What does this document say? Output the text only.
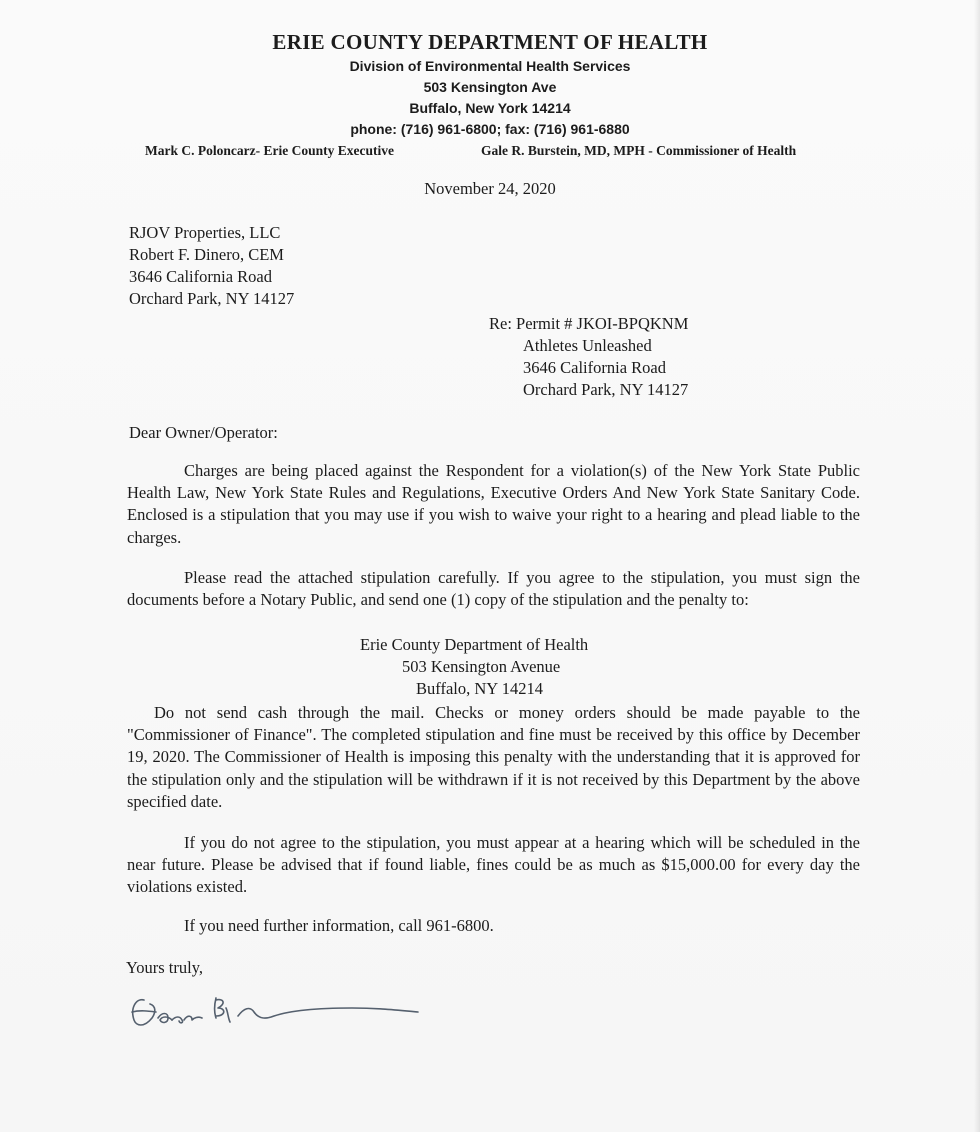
ERIE COUNTY DEPARTMENT OF HEALTH
Division of Environmental Health Services
503 Kensington Ave
Buffalo, New York 14214
phone: (716) 961-6800; fax: (716) 961-6880
Mark C. Poloncarz- Erie County Executive	Gale R. Burstein, MD, MPH - Commissioner of Health
November 24, 2020
RJOV Properties, LLC
Robert F. Dinero, CEM
3646 California Road
Orchard Park, NY 14127
Re: Permit # JKOI-BPQKNM
Athletes Unleashed
3646 California Road
Orchard Park, NY 14127
Dear Owner/Operator:
Charges are being placed against the Respondent for a violation(s) of the New York State Public Health Law, New York State Rules and Regulations, Executive Orders And New York State Sanitary Code. Enclosed is a stipulation that you may use if you wish to waive your right to a hearing and plead liable to the charges.
Please read the attached stipulation carefully. If you agree to the stipulation, you must sign the documents before a Notary Public, and send one (1) copy of the stipulation and the penalty to:
Erie County Department of Health
503 Kensington Avenue
Buffalo, NY 14214
Do not send cash through the mail. Checks or money orders should be made payable to the "Commissioner of Finance". The completed stipulation and fine must be received by this office by December 19, 2020. The Commissioner of Health is imposing this penalty with the understanding that it is approved for the stipulation only and the stipulation will be withdrawn if it is not received by this Department by the above specified date.
If you do not agree to the stipulation, you must appear at a hearing which will be scheduled in the near future. Please be advised that if found liable, fines could be as much as $15,000.00 for every day the violations existed.
If you need further information, call 961-6800.
Yours truly,
